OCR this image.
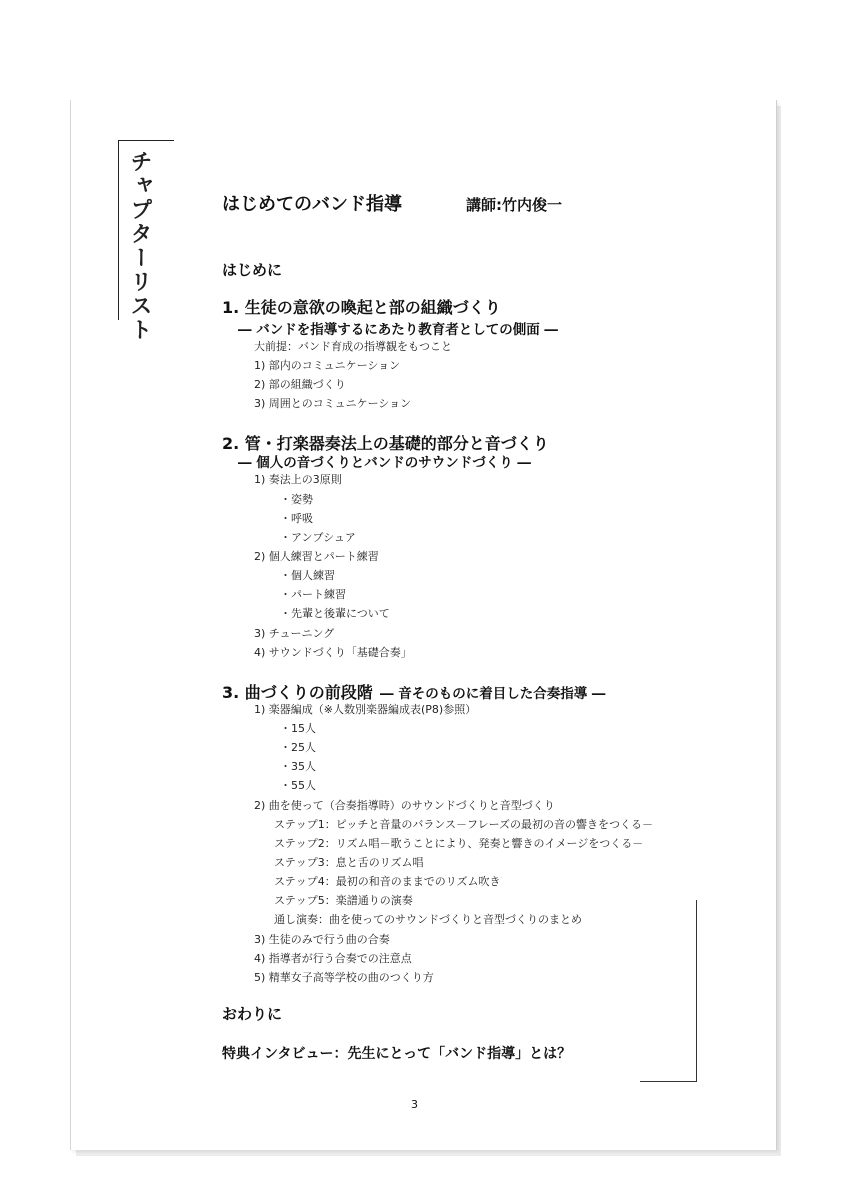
チャプターリスト	はじめてのバンド指導	講師:竹内俊一
はじめに
1. 生徒の意欲の喚起と部の組織づくり
― バンドを指導するにあたり教育者としての側面 ―
大前提：バンド育成の指導観をもつこと
1) 部内のコミュニケーション
2) 部の組織づくり
3) 周囲とのコミュニケーション
2. 管・打楽器奏法上の基礎的部分と音づくり
― 個人の音づくりとバンドのサウンドづくり ―
1) 奏法上の3原則
・姿勢
・呼吸
・アンブシュア
2) 個人練習とパート練習
・個人練習
・パート練習
・先輩と後輩について
3) チューニング
4) サウンドづくり「基礎合奏」
3. 曲づくりの前段階 ― 音そのものに着目した合奏指導 ―
1) 楽器編成（※人数別楽器編成表(P8)参照）
・15人
・25人
・35人
・55人
2) 曲を使って（合奏指導時）のサウンドづくりと音型づくり
ステップ1：ピッチと音量のバランス－フレーズの最初の音の響きをつくる－
ステップ2：リズム唱－歌うことにより、発奏と響きのイメージをつくる－
ステップ3：息と舌のリズム唱
ステップ4：最初の和音のままでのリズム吹き
ステップ5：楽譜通りの演奏
通し演奏：曲を使ってのサウンドづくりと音型づくりのまとめ
3) 生徒のみで行う曲の合奏
4) 指導者が行う合奏での注意点
5) 精華女子高等学校の曲のつくり方
おわりに
特典インタビュー：先生にとって「バンド指導」とは？
3
